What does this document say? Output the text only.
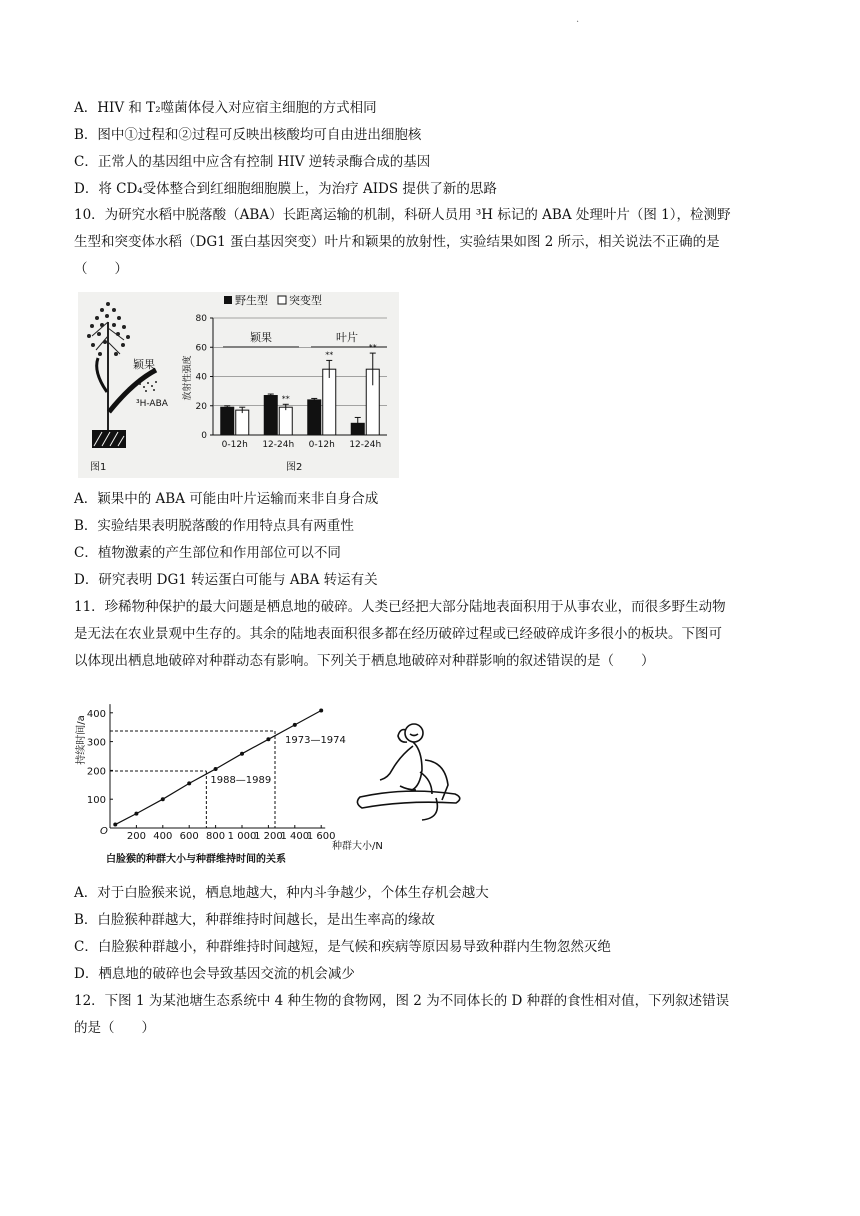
.
A．HIV 和 T₂噬菌体侵入对应宿主细胞的方式相同
B．图中①过程和②过程可反映出核酸均可自由进出细胞核
C．正常人的基因组中应含有控制 HIV 逆转录酶合成的基因
D．将 CD₄受体整合到红细胞细胞膜上，为治疗 AIDS 提供了新的思路
10．为研究水稻中脱落酸（ABA）长距离运输的机制，科研人员用 ³H 标记的 ABA 处理叶片（图 1），检测野
生型和突变体水稻（DG1 蛋白基因突变）叶片和颖果的放射性，实验结果如图 2 所示，相关说法不正确的是
（　　）
颖果
³H-ABA
图1
野生型 突变型
0
20
40
60
80
放射性强度
颖果	叶片
0-12h 12-24h
**
0-12h
**
12-24h
**
图2
A．颖果中的 ABA 可能由叶片运输而来非自身合成
B．实验结果表明脱落酸的作用特点具有两重性
C．植物激素的产生部位和作用部位可以不同
D．研究表明 DG1 转运蛋白可能与 ABA 转运有关
11．珍稀物种保护的最大问题是栖息地的破碎。人类已经把大部分陆地表面积用于从事农业，而很多野生动物
是无法在农业景观中生存的。其余的陆地表面积很多都在经历破碎过程或已经破碎成许多很小的板块。下图可
以体现出栖息地破碎对种群动态有影响。下列关于栖息地破碎对种群影响的叙述错误的是（　　）
持续时间/a
100
200
300
400
200 400 600 800 1 000
1 200
1 400
1 600
1973—1974
1988—1989
O
种群大小/N
白脸猴的种群大小与种群维持时间的关系
A．对于白脸猴来说，栖息地越大，种内斗争越少，个体生存机会越大
B．白脸猴种群越大，种群维持时间越长，是出生率高的缘故
C．白脸猴种群越小，种群维持时间越短，是气候和疾病等原因易导致种群内生物忽然灭绝
D．栖息地的破碎也会导致基因交流的机会减少
12．下图 1 为某池塘生态系统中 4 种生物的食物网，图 2 为不同体长的 D 种群的食性相对值，下列叙述错误
的是（　　）
